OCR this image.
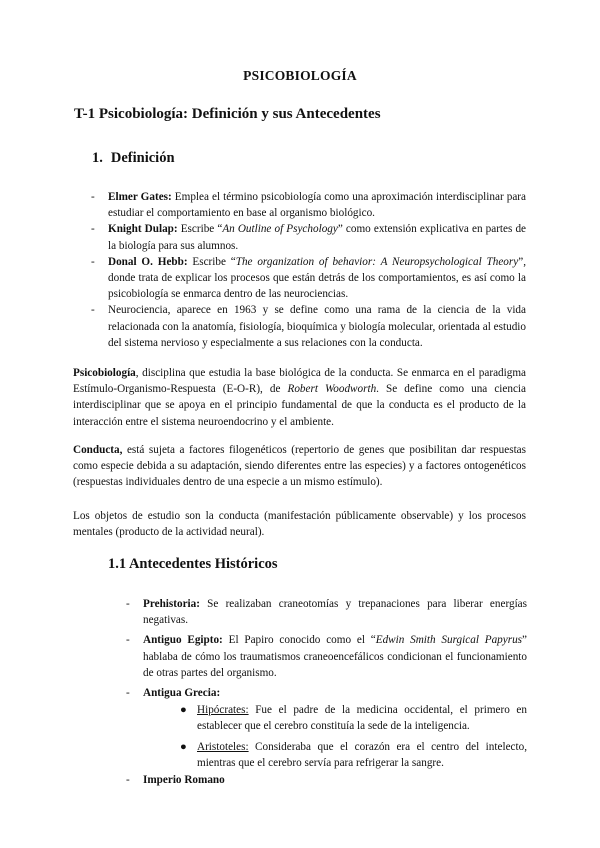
PSICOBIOLOGÍA
T-1 Psicobiología: Definición y sus Antecedentes
1. Definición
- Elmer Gates: Emplea el término psicobiología como una aproximación interdisciplinar para estudiar el comportamiento en base al organismo biológico.
- Knight Dulap: Escribe “An Outline of Psychology” como extensión explicativa en partes de la biología para sus alumnos.
- Donal O. Hebb: Escribe “The organization of behavior: A Neuropsychological Theory”, donde trata de explicar los procesos que están detrás de los comportamientos, es así como la psicobiología se enmarca dentro de las neurociencias.
- Neurociencia, aparece en 1963 y se define como una rama de la ciencia de la vida relacionada con la anatomía, fisiología, bioquímica y biología molecular, orientada al estudio del sistema nervioso y especialmente a sus relaciones con la conducta.

Psicobiología, disciplina que estudia la base biológica de la conducta. Se enmarca en el paradigma Estímulo-Organismo-Respuesta (E-O-R), de Robert Woodworth. Se define como una ciencia interdisciplinar que se apoya en el principio fundamental de que la conducta es el producto de la interacción entre el sistema neuroendocrino y el ambiente.

Conducta, está sujeta a factores filogenéticos (repertorio de genes que posibilitan dar respuestas como especie debida a su adaptación, siendo diferentes entre las especies) y a factores ontogenéticos (respuestas individuales dentro de una especie a un mismo estímulo).

Los objetos de estudio son la conducta (manifestación públicamente observable) y los procesos mentales (producto de la actividad neural).

1.1 Antecedentes Históricos
- Prehistoria: Se realizaban craneotomías y trepanaciones para liberar energías negativas.
- Antiguo Egipto: El Papiro conocido como el “Edwin Smith Surgical Papyrus” hablaba de cómo los traumatismos craneoencefálicos condicionan el funcionamiento de otras partes del organismo.
- Antigua Grecia:
● Hipócrates: Fue el padre de la medicina occidental, el primero en establecer que el cerebro constituía la sede de la inteligencia.
● Aristoteles: Consideraba que el corazón era el centro del intelecto, mientras que el cerebro servía para refrigerar la sangre.
- Imperio Romano
